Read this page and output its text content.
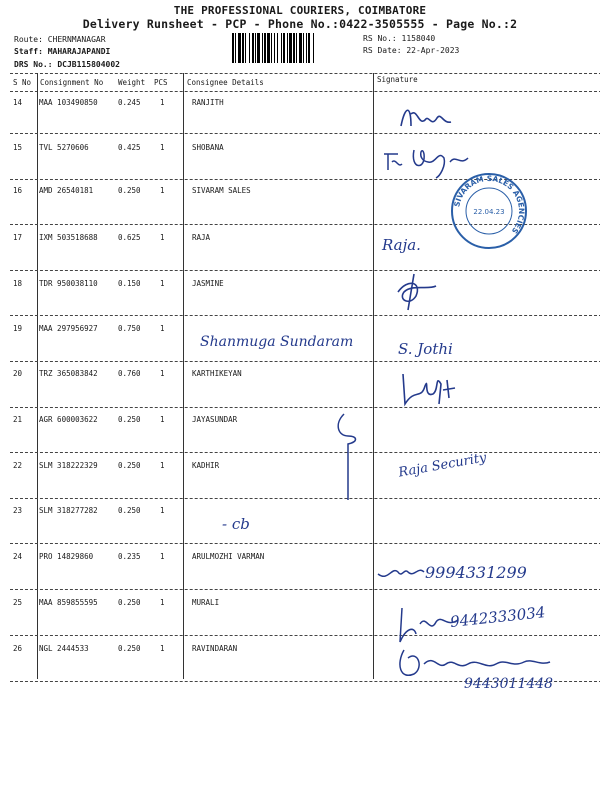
THE PROFESSIONAL COURIERS, COIMBATORE
Delivery Runsheet - PCP - Phone No.:0422-3505555 - Page No.:2
Route: CHERNMANAGAR
Staff: MAHARAJAPANDI
DRS No.: DCJB115804002
RS No.: 1158040
RS Date: 22-Apr-2023
S No Consignment No Weight PCS	Consignee Details	Signature
14 MAA 103490850	0.245	1	RANJITH
15 TVL 5270606	0.425	1	SHOBANA
16 AMD 26540181	0.250	1	SIVARAM SALES
17 IXM 503518688	0.625	1	RAJA
18 TDR 950038110	0.150	1	JASMINE
19 MAA 297956927	0.750	1
20 TRZ 365083842	0.760	1	KARTHIKEYAN
21 AGR 600003622	0.250	1	JAYASUNDAR
22 SLM 318222329	0.250	1	KADHIR
23 SLM 318277282	0.250	1
24 PRO 14829860	0.235	1	ARULMOZHI VARMAN
25 MAA 859855595	0.250	1	MURALI
26 NGL 2444533	0.250	1	RAVINDARAN
Shanmuga Sundaram	S. Jothi
Raja.
Raja Security
- cb
9994331299
9442333034
9443011448
SIVARAM SALES AGENCIES
22.04.23
